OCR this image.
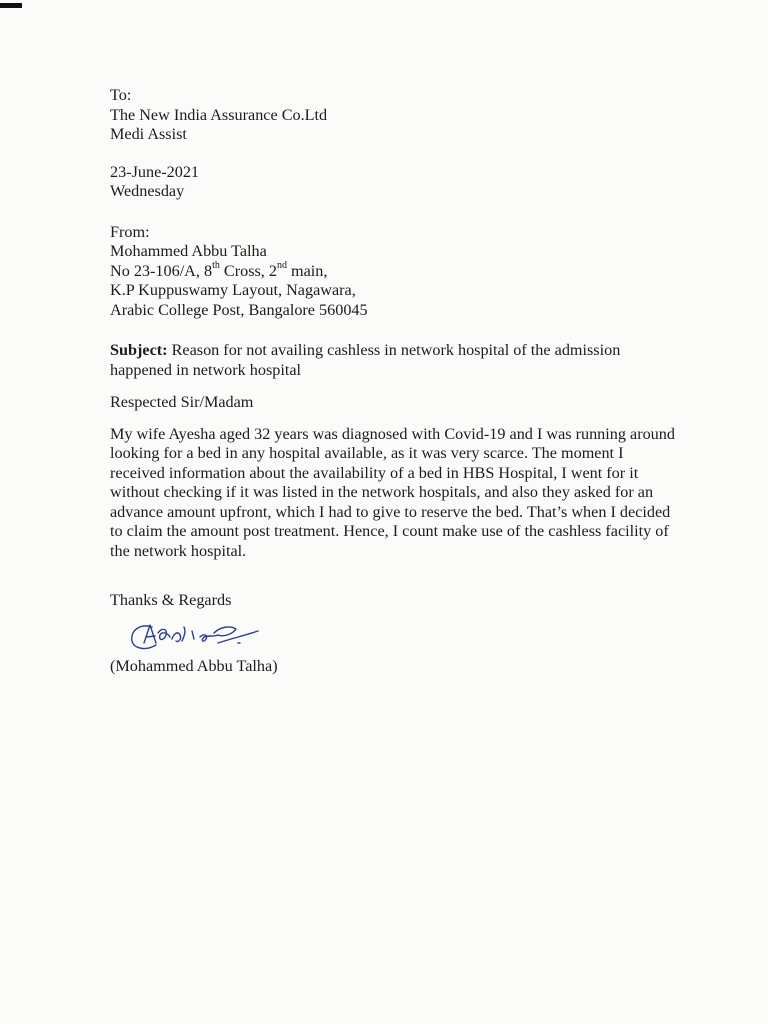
To:
The New India Assurance Co.Ltd
Medi Assist
23-June-2021
Wednesday
From:
Mohammed Abbu Talha
No 23-106/A, 8th Cross, 2nd main,
K.P Kuppuswamy Layout, Nagawara,
Arabic College Post, Bangalore 560045
Subject: Reason for not availing cashless in network hospital of the admission happened in network hospital
Respected Sir/Madam
My wife Ayesha aged 32 years was diagnosed with Covid-19 and I was running around looking for a bed in any hospital available, as it was very scarce. The moment I received information about the availability of a bed in HBS Hospital, I went for it without checking if it was listed in the network hospitals, and also they asked for an advance amount upfront, which I had to give to reserve the bed. That’s when I decided to claim the amount post treatment. Hence, I count make use of the cashless facility of the network hospital.
Thanks & Regards
(Mohammed Abbu Talha)
